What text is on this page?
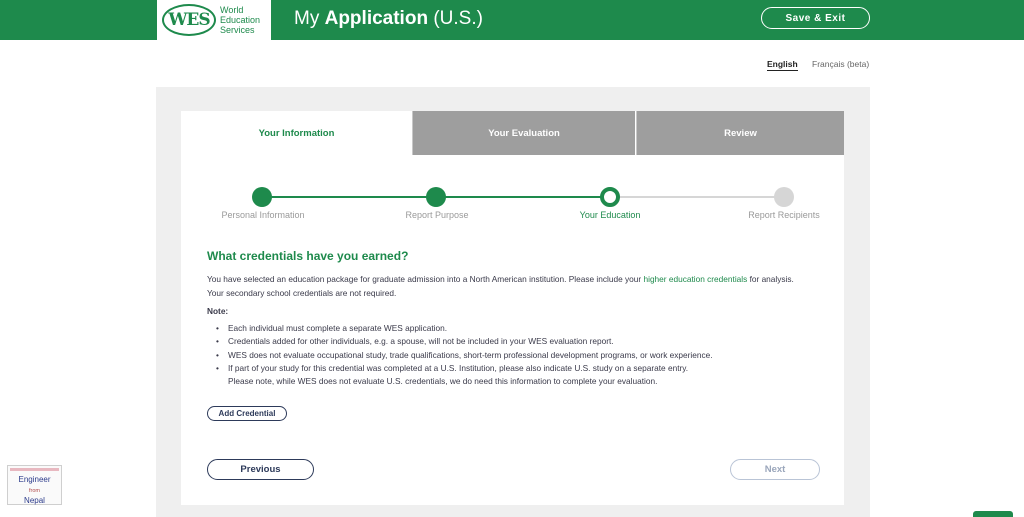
WES	World
Education
Services
My Application (U.S.)	Save & Exit
English Français (beta)
Your Information	Your Evaluation	Review
Personal Information	Report Purpose	Your Education	Report Recipients
What credentials have you earned?

You have selected an education package for graduate admission into a North American institution. Please include your higher education credentials for analysis.
Your secondary school credentials are not required.

Note:
• Each individual must complete a separate WES application.
• Credentials added for other individuals, e.g. a spouse, will not be included in your WES evaluation report.
• WES does not evaluate occupational study, trade qualifications, short-term professional development programs, or work experience.
• If part of your study for this credential was completed at a U.S. Institution, please also indicate U.S. study on a separate entry.
Please note, while WES does not evaluate U.S. credentials, we do need this information to complete your evaluation.
Add Credential
Previous	Next
Engineer
from
Nepal
